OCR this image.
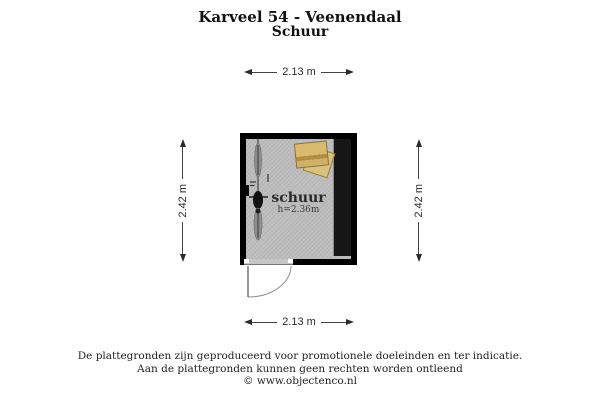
Karveel 54 - Veenendaal
Schuur
2.13 m
2.42 m	2.42 m
schuur
h=2.36m
2.13 m
De plattegronden zijn geproduceerd voor promotionele doeleinden en ter indicatie.
Aan de plattegronden kunnen geen rechten worden ontleend
© www.objectenco.nl
